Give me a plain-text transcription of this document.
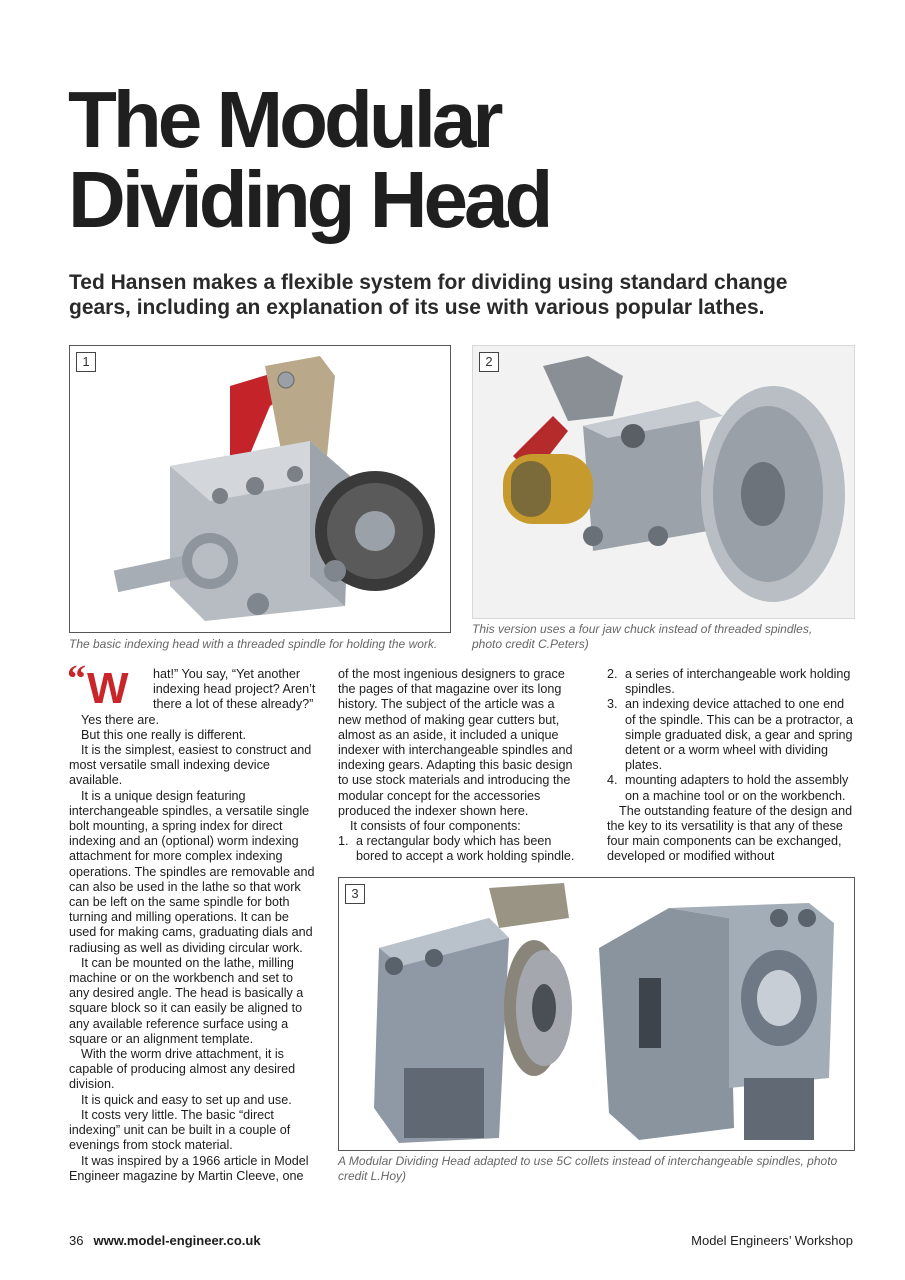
The Modular
Dividing Head

Ted Hansen makes a flexible system for dividing using standard change gears, including an explanation of its use with various popular lathes.

1
The basic indexing head with a threaded spindle for holding the work.
2
This version uses a four jaw chuck instead of threaded spindles, photo credit C.Peters)
“ W	hat!” You say, “Yet another indexing head project? Aren’t there a lot of these already?”

Yes there are.

But this one really is different.

It is the simplest, easiest to construct and most versatile small indexing device available.

It is a unique design featuring interchangeable spindles, a versatile single bolt mounting, a spring index for direct indexing and an (optional) worm indexing attachment for more complex indexing operations. The spindles are removable and can also be used in the lathe so that work can be left on the same spindle for both turning and milling operations. It can be used for making cams, graduating dials and radiusing as well as dividing circular work.

It can be mounted on the lathe, milling machine or on the workbench and set to any desired angle. The head is basically a square block so it can easily be aligned to any available reference surface using a square or an alignment template.

With the worm drive attachment, it is capable of producing almost any desired division.

It is quick and easy to set up and use.

It costs very little. The basic “direct indexing” unit can be built in a couple of evenings from stock material.

It was inspired by a 1966 article in Model Engineer magazine by Martin Cleeve, one

of the most ingenious designers to grace the pages of that magazine over its long history. The subject of the article was a new method of making gear cutters but, almost as an aside, it included a unique indexer with interchangeable spindles and indexing gears. Adapting this basic design to use stock materials and introducing the modular concept for the accessories produced the indexer shown here.

It consists of four components:

1. a rectangular body which has been bored to accept a work holding spindle.
2. a series of interchangeable work holding spindles.
3. an indexing device attached to one end of the spindle. This can be a protractor, a simple graduated disk, a gear and spring detent or a worm wheel with dividing plates.
4. mounting adapters to hold the assembly on a machine tool or on the workbench.

The outstanding feature of the design and the key to its versatility is that any of these four main components can be exchanged, developed or modified without

3
A Modular Dividing Head adapted to use 5C collets instead of interchangeable spindles, photo credit L.Hoy)
36 www.model-engineer.co.uk	Model Engineers’ Workshop
